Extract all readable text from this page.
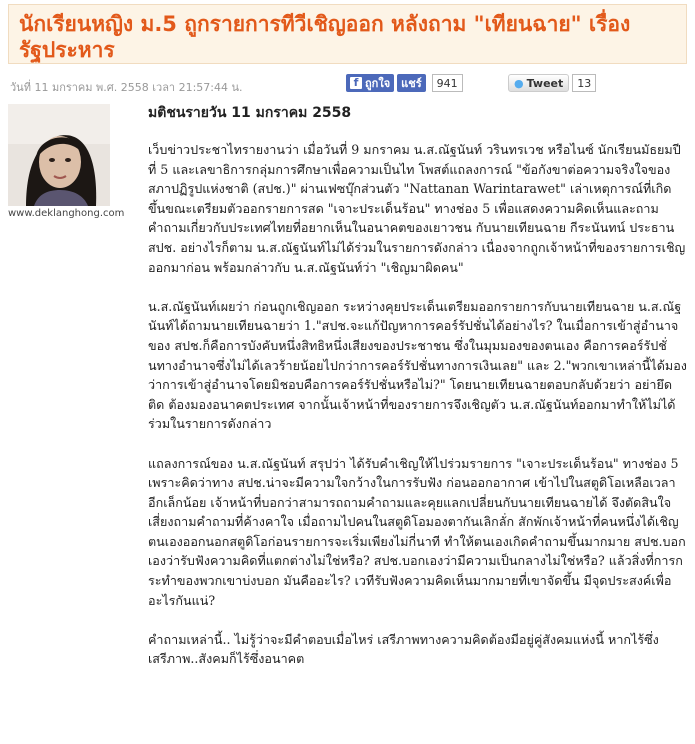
นักเรียนหญิง ม.5 ถูกรายการทีวีเชิญออก หลังถาม "เทียนฉาย" เรื่องรัฐประหาร
วันที่ 11 มกราคม พ.ศ. 2558 เวลา 21:57:44 น.	f ถูกใจ แชร์	941	● Tweet	13
www.deklanghong.com
มติชนรายวัน 11 มกราคม 2558

เว็บข่าวประชาไทรายงานว่า เมื่อวันที่ 9 มกราคม น.ส.ณัฐนันท์ วรินทรเวช หรือไนซ์ นักเรียนมัธยมปีที่ 5 และเลขาธิการกลุ่มการศึกษาเพื่อความเป็นไท โพสต์แถลงการณ์ "ข้อกังขาต่อความจริงใจของสภาปฏิรูปแห่งชาติ (สปช.)" ผ่านเฟซบุ๊กส่วนตัว "Nattanan Warintarawet" เล่าเหตุการณ์ที่เกิดขึ้นขณะเตรียมตัวออกรายการสด "เจาะประเด็นร้อน" ทางช่อง 5 เพื่อแสดงความคิดเห็นและถามคำถามเกี่ยวกับประเทศไทยที่อยากเห็นในอนาคตของเยาวชน กับนายเทียนฉาย กีระนันทน์ ประธาน สปช. อย่างไรก็ตาม น.ส.ณัฐนันท์ไม่ได้ร่วมในรายการดังกล่าว เนื่องจากถูกเจ้าหน้าที่ของรายการเชิญออกมาก่อน พร้อมกล่าวกับ น.ส.ณัฐนันท์ว่า "เชิญมาผิดคน"

น.ส.ณัฐนันท์เผยว่า ก่อนถูกเชิญออก ระหว่างคุยประเด็นเตรียมออกรายการกับนายเทียนฉาย น.ส.ณัฐนันท์ได้ถามนายเทียนฉายว่า 1."สปช.จะแก้ปัญหาการคอร์รัปชั่นได้อย่างไร? ในเมื่อการเข้าสู่อำนาจของ สปช.ก็คือการบังคับหนึ่งสิทธิหนึ่งเสียงของประชาชน ซึ่งในมุมมองของตนเอง คือการคอร์รัปชั่นทางอำนาจซึ่งไม่ได้เลวร้ายน้อยไปกว่าการคอร์รัปชั่นทางการเงินเลย" และ 2."พวกเขาเหล่านี้ได้มองว่าการเข้าสู่อำนาจโดยมิชอบคือการคอร์รัปชั่นหรือไม่?" โดยนายเทียนฉายตอบกลับด้วยว่า อย่ายึดติด ต้องมองอนาคตประเทศ จากนั้นเจ้าหน้าที่ของรายการจึงเชิญตัว น.ส.ณัฐนันท์ออกมาทำให้ไม่ได้ร่วมในรายการดังกล่าว

แถลงการณ์ของ น.ส.ณัฐนันท์ สรุปว่า ได้รับคำเชิญให้ไปร่วมรายการ "เจาะประเด็นร้อน" ทางช่อง 5 เพราะคิดว่าทาง สปช.น่าจะมีความใจกว้างในการรับฟัง ก่อนออกอากาศ เข้าไปในสตูดิโอเหลือเวลาอีกเล็กน้อย เจ้าหน้าที่บอกว่าสามารถถามคำถามและคุยแลกเปลี่ยนกับนายเทียนฉายได้ จึงตัดสินใจเสี่ยงถามคำถามที่ค้างคาใจ เมื่อถามไปคนในสตูดิโอมองตากันเลิกลั่ก สักพักเจ้าหน้าที่คนหนึ่งได้เชิญตนเองออกนอกสตูดิโอก่อนรายการจะเริ่มเพียงไม่กี่นาที ทำให้ตนเองเกิดคำถามขึ้นมากมาย สปช.บอกเองว่ารับฟังความคิดที่แตกต่างไม่ใช่หรือ? สปช.บอกเองว่ามีความเป็นกลางไม่ใช่หรือ? แล้วสิ่งที่การกระทำของพวกเขาบ่งบอก มันคืออะไร? เวทีรับฟังความคิดเห็นมากมายที่เขาจัดขึ้น มีจุดประสงค์เพื่ออะไรกันแน่?

คำถามเหล่านี้.. ไม่รู้ว่าจะมีคำตอบเมื่อไหร่ เสรีภาพทางความคิดต้องมีอยู่คู่สังคมแห่งนี้ หากไร้ซึ่งเสรีภาพ..สังคมก็ไร้ซึ่งอนาคต
